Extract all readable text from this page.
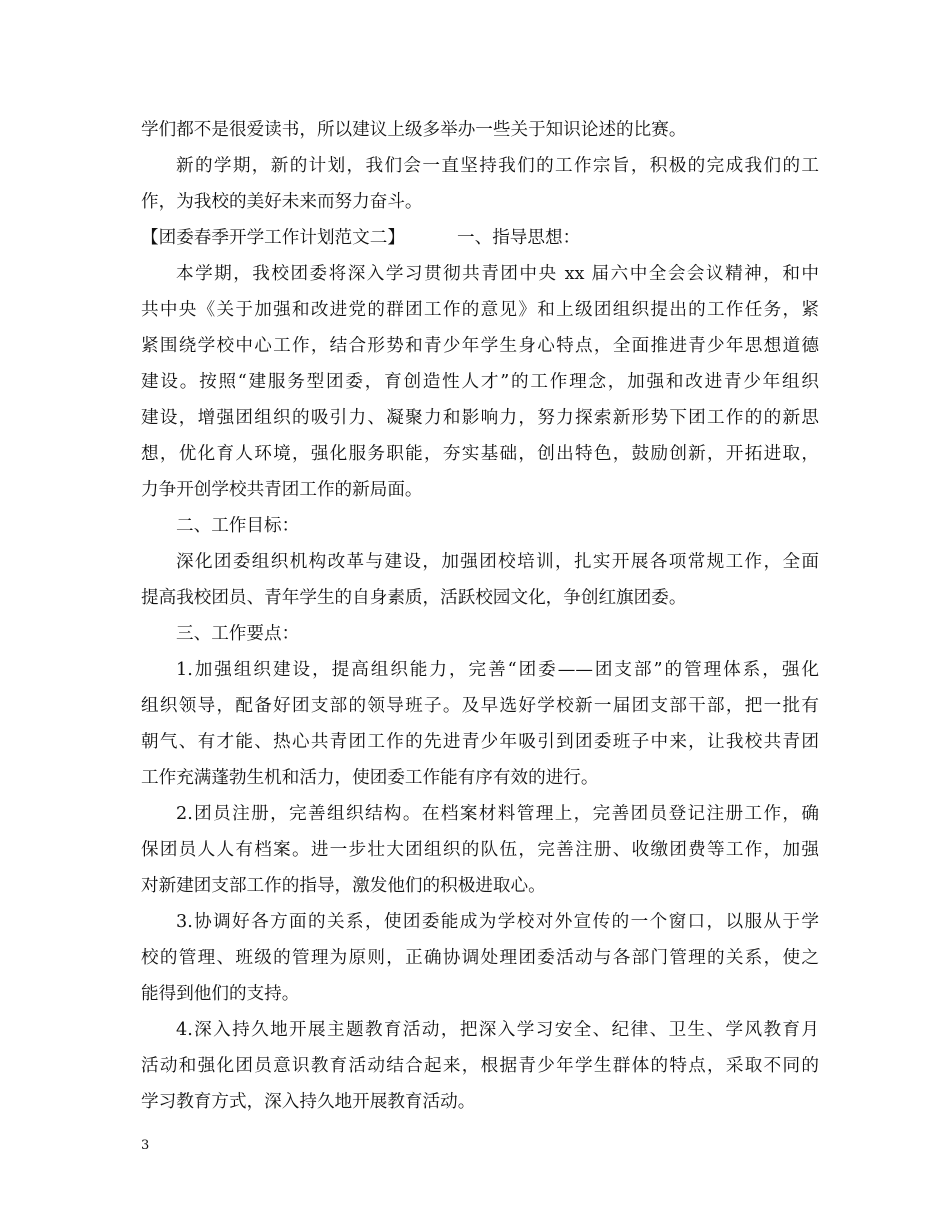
学们都不是很爱读书，所以建议上级多举办一些关于知识论述的比赛。
新的学期，新的计划，我们会一直坚持我们的工作宗旨，积极的完成我们的工
作，为我校的美好未来而努力奋斗。
【团委春季开学工作计划范文二】	一、指导思想：
本学期，我校团委将深入学习贯彻共青团中央 xx 届六中全会会议精神，和中
共中央《关于加强和改进党的群团工作的意见》和上级团组织提出的工作任务，紧
紧围绕学校中心工作，结合形势和青少年学生身心特点，全面推进青少年思想道德
建设。按照“建服务型团委，育创造性人才”的工作理念，加强和改进青少年组织
建设，增强团组织的吸引力、凝聚力和影响力，努力探索新形势下团工作的的新思
想，优化育人环境，强化服务职能，夯实基础，创出特色，鼓励创新，开拓进取，
力争开创学校共青团工作的新局面。
二、工作目标：
深化团委组织机构改革与建设，加强团校培训，扎实开展各项常规工作，全面
提高我校团员、青年学生的自身素质，活跃校园文化，争创红旗团委。
三、工作要点：
1.加强组织建设，提高组织能力，完善“团委——团支部”的管理体系，强化
组织领导，配备好团支部的领导班子。及早选好学校新一届团支部干部，把一批有
朝气、有才能、热心共青团工作的先进青少年吸引到团委班子中来，让我校共青团
工作充满蓬勃生机和活力，使团委工作能有序有效的进行。
2.团员注册，完善组织结构。在档案材料管理上，完善团员登记注册工作，确
保团员人人有档案。进一步壮大团组织的队伍，完善注册、收缴团费等工作，加强
对新建团支部工作的指导，激发他们的积极进取心。
3.协调好各方面的关系，使团委能成为学校对外宣传的一个窗口，以服从于学
校的管理、班级的管理为原则，正确协调处理团委活动与各部门管理的关系，使之
能得到他们的支持。
4.深入持久地开展主题教育活动，把深入学习安全、纪律、卫生、学风教育月
活动和强化团员意识教育活动结合起来，根据青少年学生群体的特点，采取不同的
学习教育方式，深入持久地开展教育活动。
3
